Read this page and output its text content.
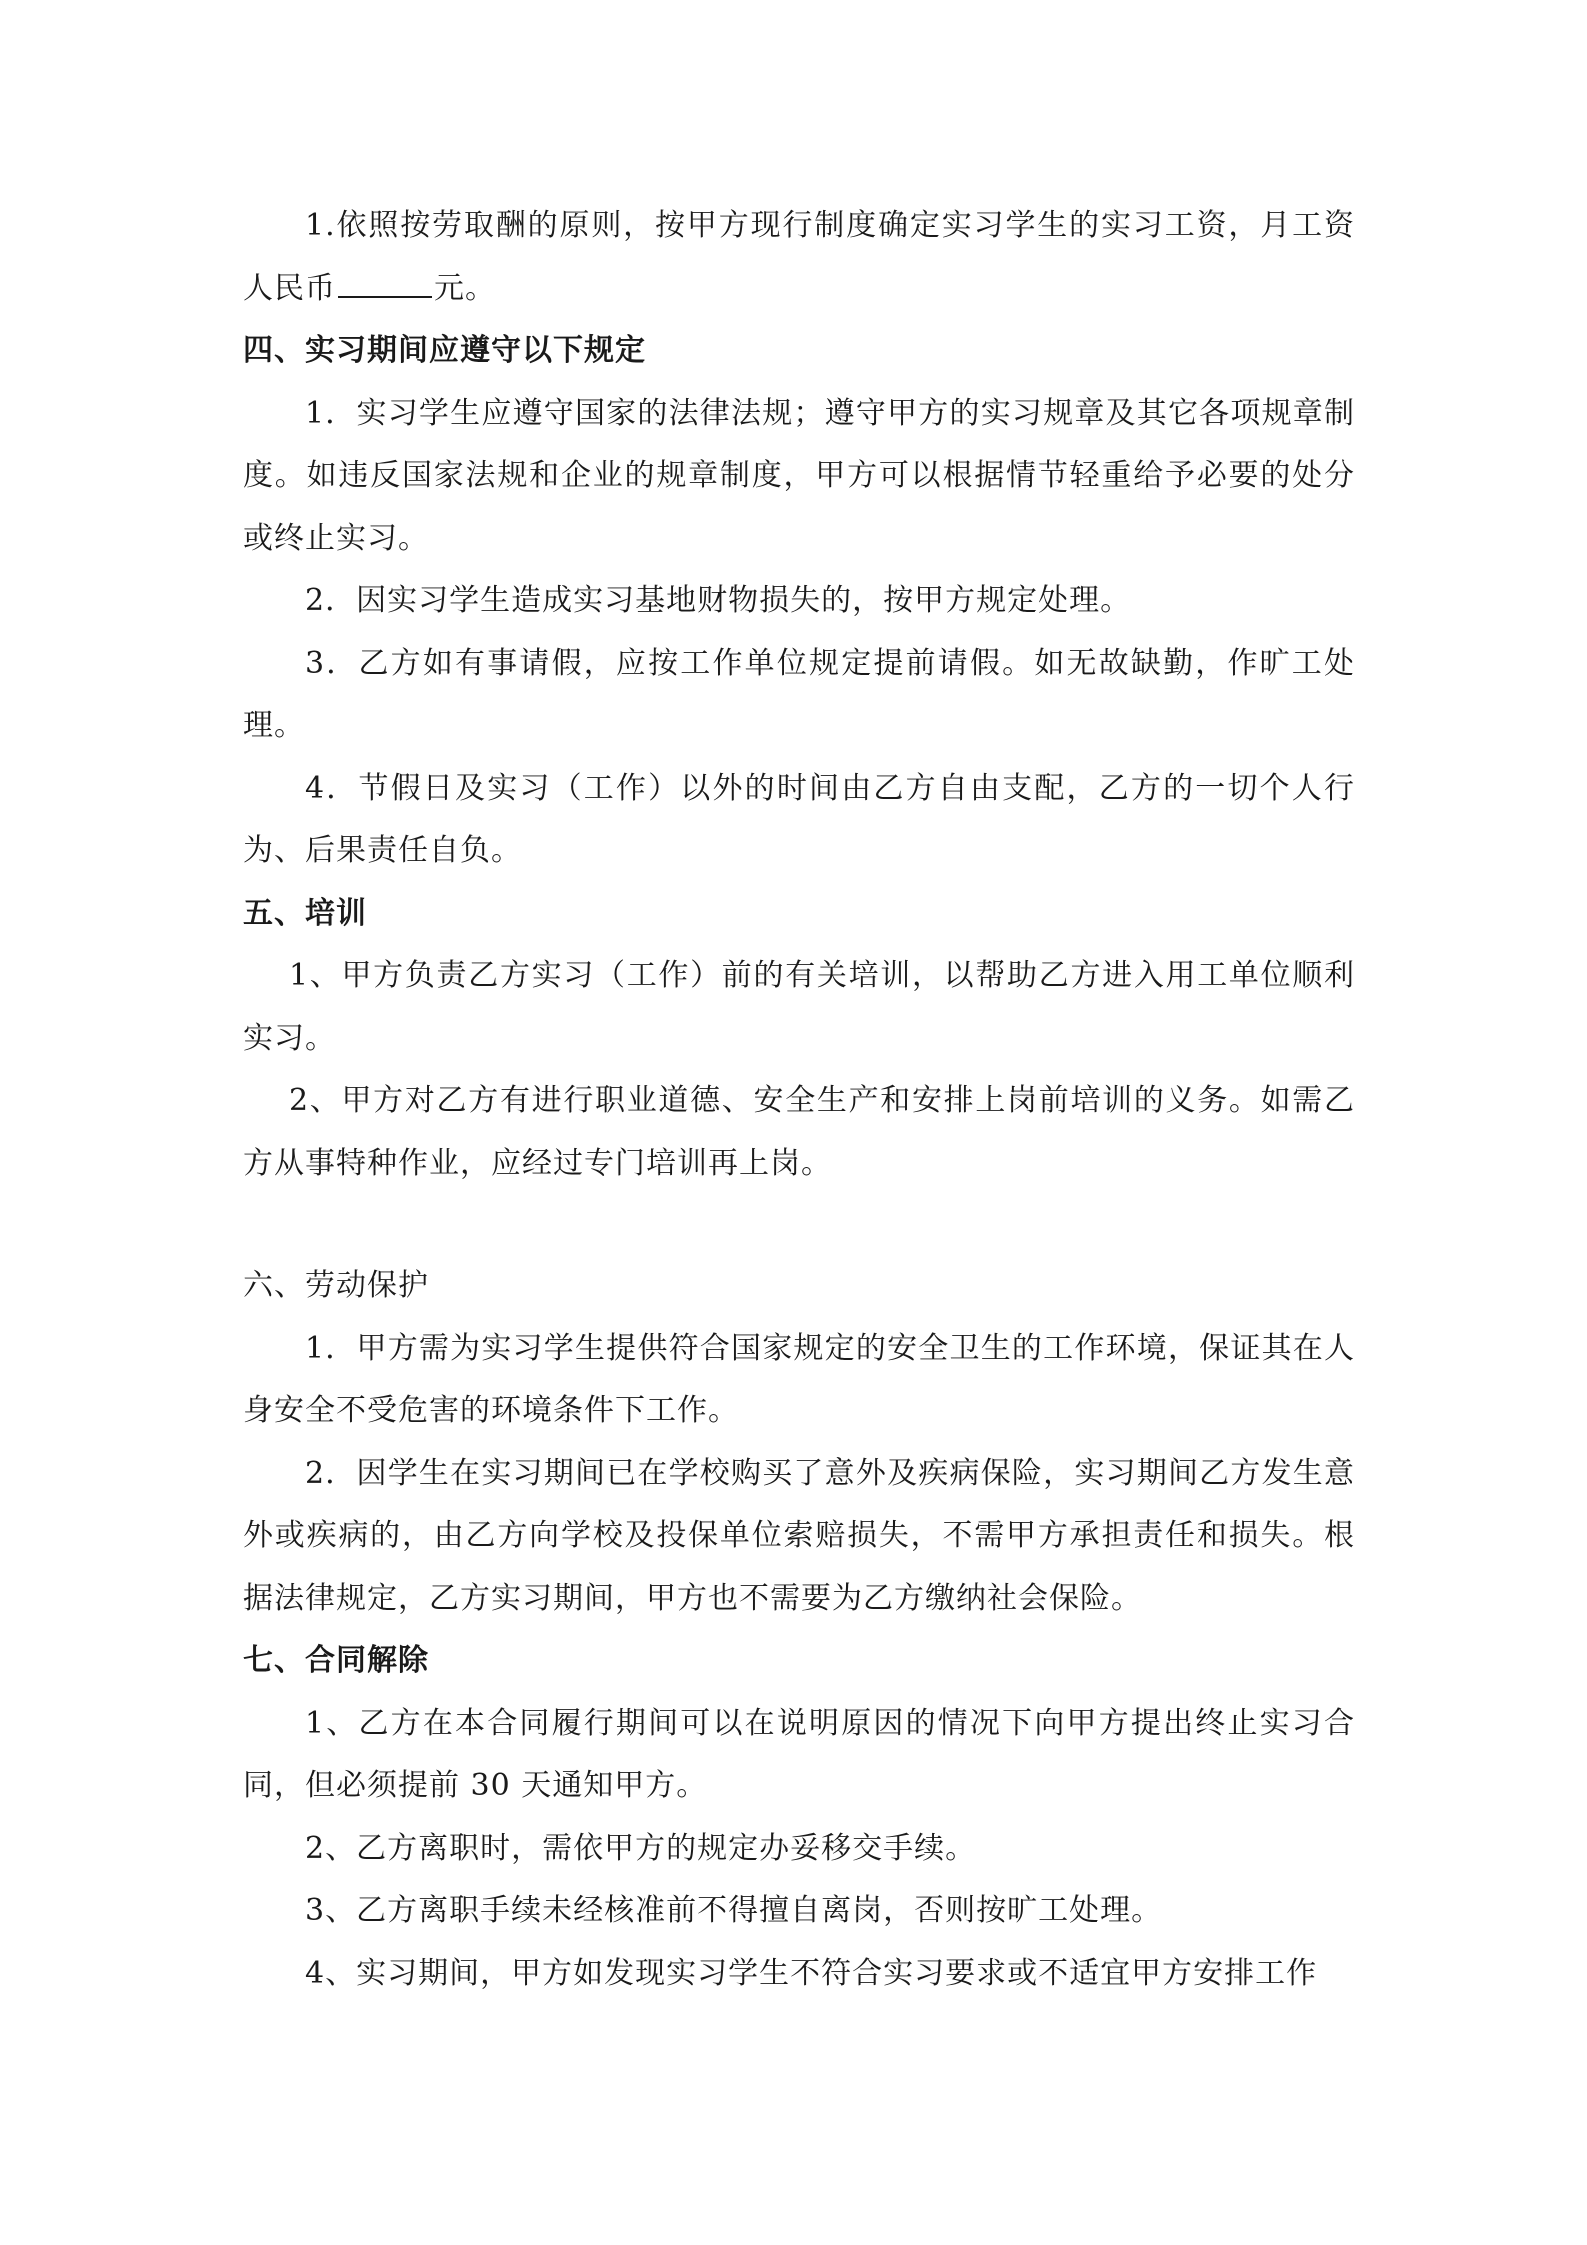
1.依照按劳取酬的原则，按甲方现行制度确定实习学生的实习工资，月工资人民币	元。

四、实习期间应遵守以下规定

1．实习学生应遵守国家的法律法规；遵守甲方的实习规章及其它各项规章制度。如违反国家法规和企业的规章制度，甲方可以根据情节轻重给予必要的处分或终止实习。

2．因实习学生造成实习基地财物损失的，按甲方规定处理。

3．乙方如有事请假，应按工作单位规定提前请假。如无故缺勤，作旷工处理。

4．节假日及实习（工作）以外的时间由乙方自由支配，乙方的一切个人行为、后果责任自负。

五、培训

1、甲方负责乙方实习（工作）前的有关培训，以帮助乙方进入用工单位顺利实习。

2、甲方对乙方有进行职业道德、安全生产和安排上岗前培训的义务。如需乙方从事特种作业，应经过专门培训再上岗。

六、劳动保护

1．甲方需为实习学生提供符合国家规定的安全卫生的工作环境，保证其在人身安全不受危害的环境条件下工作。

2．因学生在实习期间已在学校购买了意外及疾病保险，实习期间乙方发生意外或疾病的，由乙方向学校及投保单位索赔损失，不需甲方承担责任和损失。根据法律规定，乙方实习期间，甲方也不需要为乙方缴纳社会保险。

七、合同解除

1、乙方在本合同履行期间可以在说明原因的情况下向甲方提出终止实习合同，但必须提前 30 天通知甲方。

2、乙方离职时，需依甲方的规定办妥移交手续。

3、乙方离职手续未经核准前不得擅自离岗，否则按旷工处理。

4、实习期间，甲方如发现实习学生不符合实习要求或不适宜甲方安排工作
